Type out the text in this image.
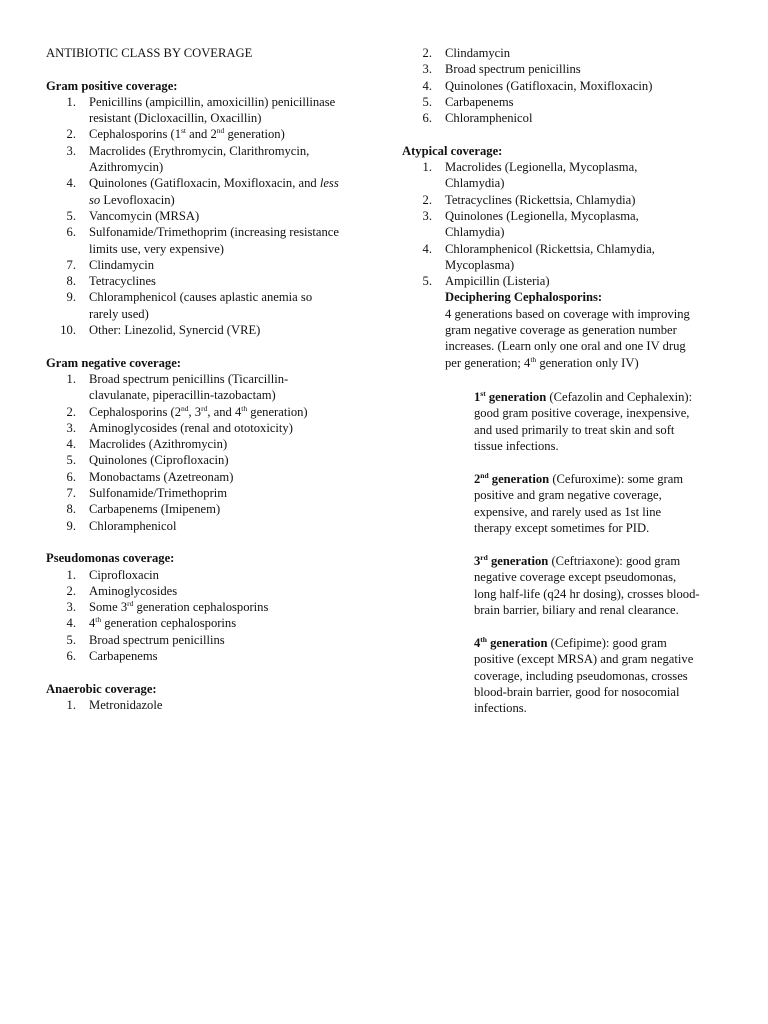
ANTIBIOTIC CLASS BY COVERAGE
Gram positive coverage:
1. Penicillins (ampicillin, amoxicillin) penicillinase
resistant (Dicloxacillin, Oxacillin)
2. Cephalosporins (1st and 2nd generation)
3. Macrolides (Erythromycin, Clarithromycin,
Azithromycin)
4. Quinolones (Gatifloxacin, Moxifloxacin, and less
so Levofloxacin)
5. Vancomycin (MRSA)
6. Sulfonamide/Trimethoprim (increasing resistance
limits use, very expensive)
7. Clindamycin
8. Tetracyclines
9. Chloramphenicol (causes aplastic anemia so
rarely used)
10. Other: Linezolid, Synercid (VRE)
Gram negative coverage:
1. Broad spectrum penicillins (Ticarcillin-
clavulanate, piperacillin-tazobactam)
2. Cephalosporins (2nd, 3rd, and 4th generation)
3. Aminoglycosides (renal and ototoxicity)
4. Macrolides (Azithromycin)
5. Quinolones (Ciprofloxacin)
6. Monobactams (Azetreonam)
7. Sulfonamide/Trimethoprim
8. Carbapenems (Imipenem)
9. Chloramphenicol
Pseudomonas coverage:
1. Ciprofloxacin
2. Aminoglycosides
3. Some 3rd generation cephalosporins
4. 4th generation cephalosporins
5. Broad spectrum penicillins
6. Carbapenems
Anaerobic coverage:
1. Metronidazole
2. Clindamycin
3. Broad spectrum penicillins
4. Quinolones (Gatifloxacin, Moxifloxacin)
5. Carbapenems
6. Chloramphenicol
Atypical coverage:
1. Macrolides (Legionella, Mycoplasma,
Chlamydia)
2. Tetracyclines (Rickettsia, Chlamydia)
3. Quinolones (Legionella, Mycoplasma,
Chlamydia)
4. Chloramphenicol (Rickettsia, Chlamydia,
Mycoplasma)
5. Ampicillin (Listeria)
Deciphering Cephalosporins:
4 generations based on coverage with improving
gram negative coverage as generation number
increases. (Learn only one oral and one IV drug
per generation; 4th generation only IV)
1st generation (Cefazolin and Cephalexin):
good gram positive coverage, inexpensive,
and used primarily to treat skin and soft
tissue infections.
2nd generation (Cefuroxime): some gram
positive and gram negative coverage,
expensive, and rarely used as 1st line
therapy except sometimes for PID.
3rd generation (Ceftriaxone): good gram
negative coverage except pseudomonas,
long half-life (q24 hr dosing), crosses blood-
brain barrier, biliary and renal clearance.
4th generation (Cefipime): good gram
positive (except MRSA) and gram negative
coverage, including pseudomonas, crosses
blood-brain barrier, good for nosocomial
infections.
